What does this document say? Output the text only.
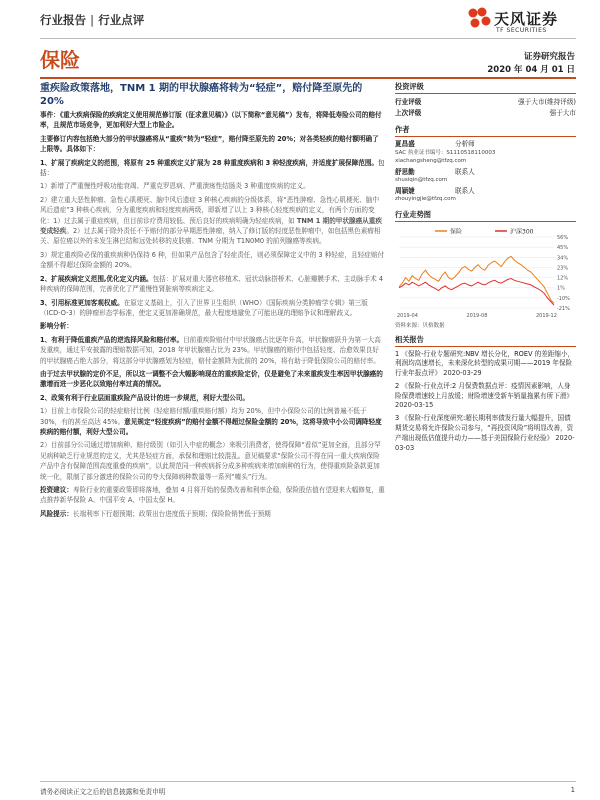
行业报告 | 行业点评	天风证券
TF SECURITIES
保险	证券研究报告
2020 年 04 月 01 日
重疾险政策落地，TNM 1 期的甲状腺癌将转为“轻症”，赔付降至原先的 20%
事件：《重大疾病保险的疾病定义使用规范修订版（征求意见稿）》（以下简称“意见稿”）发布，将降低寿险公司的赔付率，且规范市场竞争，更加利好大型上市险企。
主要修订内容包括绝大部分的甲状腺癌将从“重疾”转为“轻症”，赔付降至原先的 20%；对各类轻疾的赔付额明确了上限等。具体如下：
1、扩展了疾病定义的范围，将原有 25 种重疾定义扩展为 28 种重度疾病和 3 种轻度疾病，并适度扩展保障范围。包括：
1）新增了严重慢性呼吸功能衰竭、严重克罗恩病、严重溃疡性结肠炎 3 种重度疾病的定义。
2）建立重大恶性肿瘤、急性心肌梗死、脑中风后遗症 3 种核心疾病的分级体系，将“恶性肿瘤、急性心肌梗死、脑中风后遗症”3 种核心疾病，分为重度疾病和轻度疾病两级，即新增了以上 3 种核心轻度疾病的定义，有两个方面的变化：1）过去属于重症疾病，但目前诊疗费用较低、预后良好的疾病明确为轻症疾病，如 TNM 1 期的甲状腺癌从重疾变成轻疾。2）过去属于除外责任不予赔付的部分早期恶性肿瘤，纳入了修订版的轻度恶性肿瘤中，如包括黑色素瘤相关、原位癌以外的未发生淋巴结和远处转移的皮肤癌、TNM 分期为 T1N0M0 的前列腺癌等疾病。
3）规定重疾险必保的重疾病种仍保持 6 种，但如果产品包含了轻症责任，则必须保障定义中的 3 种轻症，且轻症赔付金额不得超过保险金额的 20%。
2、扩展疾病定义范围,优化定义内涵。包括：扩展对重大器官移植术、冠状动脉搭桥术、心脏瓣膜手术、主动脉手术 4 种疾病的保障范围，完善优化了严重慢性肾脏病等疾病定义。
3、引用标准更加客观权威。在原定义基础上，引入了世界卫生组织（WHO）《国际疾病分类肿瘤学专辑》第三版（ICD-O-3）的肿瘤形态学标准，使定义更加准确规范，最大程度地避免了可能出现的理赔争议和理解歧义。
影响分析：
1、有利于降低重疾产品的逆选择风险和赔付率。目前重疾险赔付中甲状腺癌占比逐年升高，甲状腺癌跃升为第一大高发重疾，通过平安披露的理赔数据可知，2018 年甲状腺癌占比为 23%。甲状腺癌的赔付中包括轻度、治愈效果良好的甲状腺癌占绝大部分，将这部分甲状腺癌划为轻症，赔付金额降为此前的 20%，将有助于降低保险公司的赔付率。
由于过去甲状腺的定价不足，所以这一调整不会大幅影响现在的重疾险定价，仅是避免了未来重疾发生率因甲状腺癌的激增而进一步恶化以致赔付率过高的情况。
2、政策有利于行业层面重疾险产品设计的进一步规范，利好大型公司。
1）目前上市保险公司的轻症赔付比例（轻症赔付额/重疾赔付额）均为 20%，但中小保险公司的比例普遍不低于 30%，有的甚至高达 45%。意见规定“轻度疾病”的赔付金额不得超过保险金额的 20%，这将导致中小公司调降轻度疾病的赔付额，利好大型公司。
2）目前部分公司通过增加病种、赔付级别（如引入中症的概念）来吸引消费者，使得保障“看似”更加全面，且部分罕见病种缺乏行业规范的定义，尤其是轻症方面，承保和理赔比较混乱。意见稿要求“保险公司不得在同一重大疾病保险产品中含有保障范围高度重叠的疾病”，以此规范同一种疾病拆分成多种疾病来增加病种的行为，使得重疾险条款更加统一化，限制了部分激进的保险公司的夸大保障病种数量等一系列“噱头”行为。
投资建议：寿险行业的重要政策即将落地，叠加 4 月将开始的保费改善和利率企稳，保险股估值有望迎来大幅修复，重点推荐新华保险 A、中国平安 A、中国太保 H。
风险提示：长端利率下行超预期；政策出台进度低于预期；保险险销售低于预期
投资评级
行业评级	强于大市(维持评级)
上次评级	强于大市
作者
夏昌盛	分析师
SAC 执业证书编号：S1110518110003
xiachangsheng@tfzq.com
舒思勤	联系人
shusiqin@tfzq.com
周颖婕	联系人
zhouyingjie@tfzq.com
行业走势图
保险	沪深300
56%
45%
34%
23%
12%
1%
-10%
-21%
2019-04	2019-08	2019-12
资料来源：贝格数据
相关报告
1 《保险-行业专题研究:NBV 增长分化，ROEV 的差距缩小，利润均高速增长，未来深化转型的成果可期——2019 年保险行业年报点评》 2020-03-29
2 《保险-行业点评:2 月保费数据点评：疫情因素影响，人身险保费增速较上月放缓；财险增速受新车销量拖累有所下滑》 2020-03-15
3 《保险-行业深度研究:超长期利率债发行量大幅提升，国债期货交易将允许保险公司参与，“再投资风险”将明显改善，资产端出现低估值提升动力——基于美国保险行业经验》 2020-03-03
请务必阅读正文之后的信息披露和免责申明	1
